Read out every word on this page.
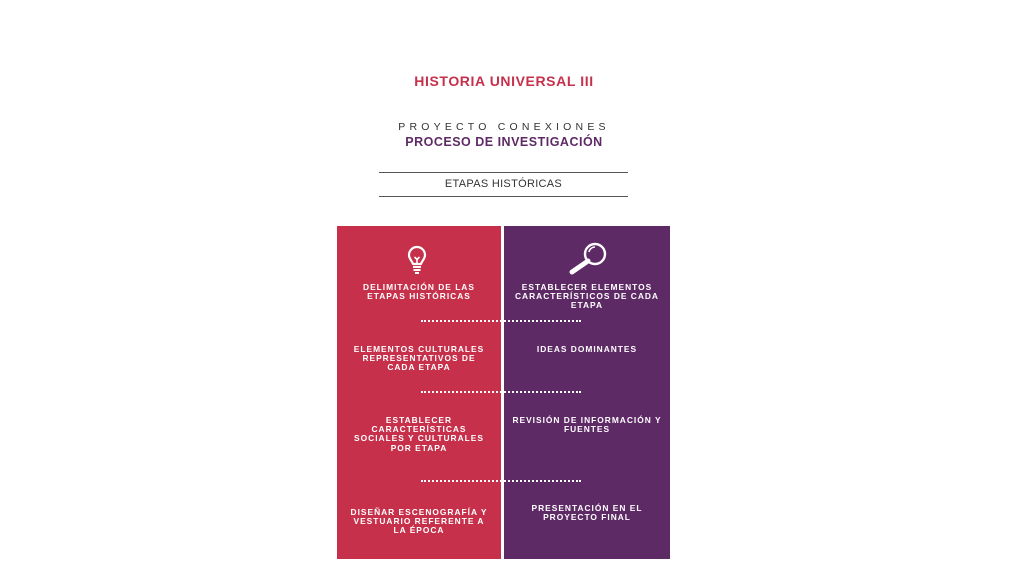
HISTORIA UNIVERSAL III
PROYECTO CONEXIONES
PROCESO DE INVESTIGACIÓN
ETAPAS HISTÓRICAS
DELIMITACIÓN DE LAS ETAPAS HISTÓRICAS
ELEMENTOS CULTURALES REPRESENTATIVOS DE CADA ETAPA
ESTABLECER CARACTERÍSTICAS SOCIALES Y CULTURALES POR ETAPA
DISEÑAR ESCENOGRAFÍA Y VESTUARIO REFERENTE A LA ÉPOCA
ESTABLECER ELEMENTOS CARACTERÍSTICOS DE CADA ETAPA
IDEAS DOMINANTES
REVISIÓN DE INFORMACIÓN Y FUENTES
PRESENTACIÓN EN EL PROYECTO FINAL
